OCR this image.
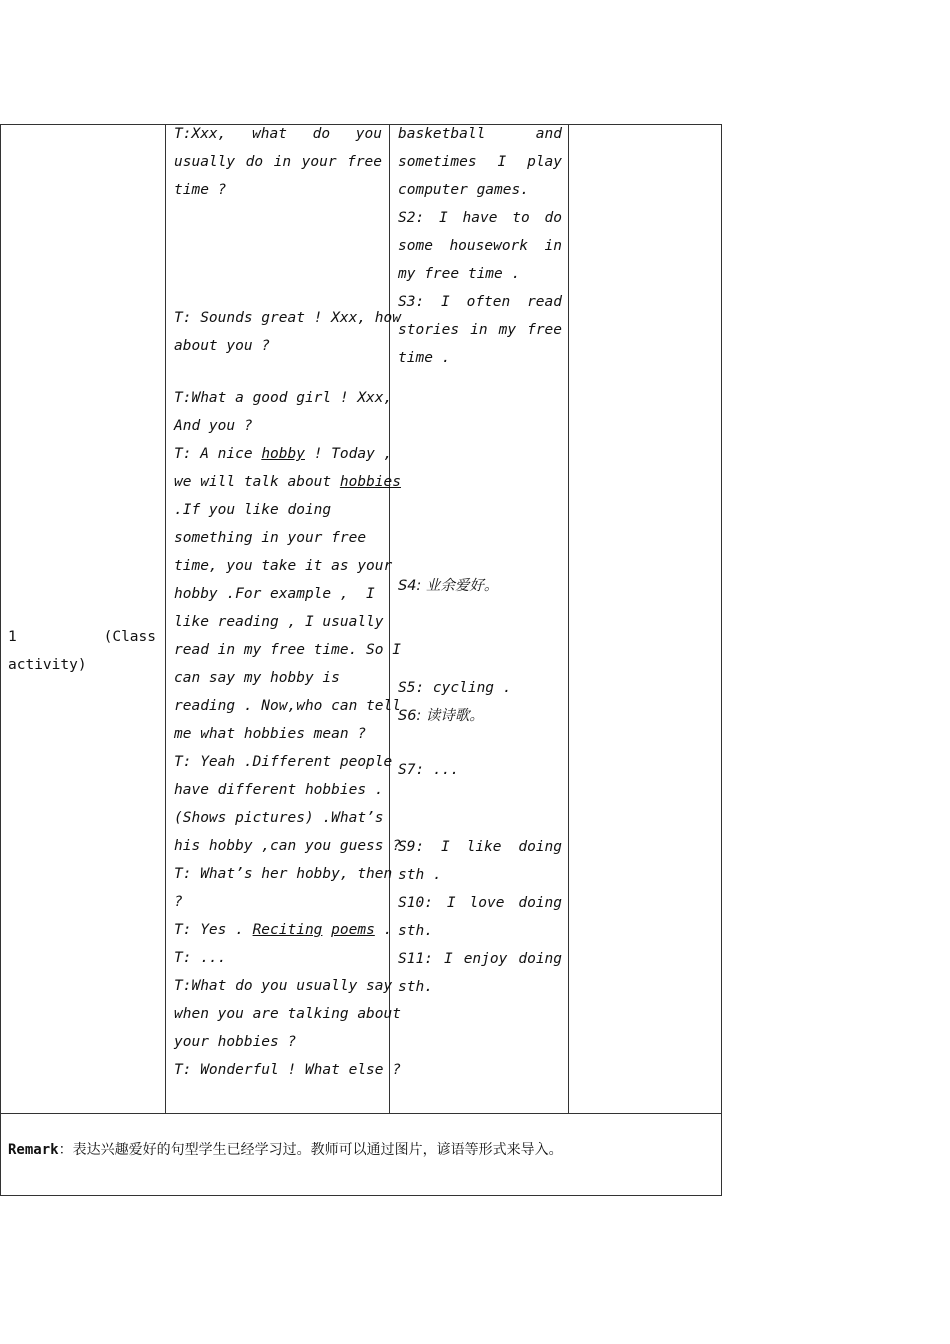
1	(Class
activity)
T:Xxx, what do you
usually do in your free
time ?
T: Sounds great ! Xxx, how
about you ?
T:What a good girl ! Xxx,
And you ?
T: A nice hobby ! Today ,
we will talk about hobbies
.If you like doing
something in your free
time, you take it as your
hobby .For example ,  I
like reading , I usually
read in my free time. So I
can say my hobby is
reading . Now,who can tell
me what hobbies mean ?
T: Yeah .Different people
have different hobbies .
(Shows pictures) .What’s
his hobby ,can you guess ?
T: What’s her hobby, then
?
T: Yes . Reciting poems .
T: ...
T:What do you usually say
when you are talking about
your hobbies ?
T: Wonderful ! What else ?
basketball	and
sometimes I play
computer games.
S2: I have to do
some housework in
my free time .
S3: I often read
stories in my free
time .
S4: 业余爱好。
S5: cycling .
S6: 读诗歌。
S7: ...
S9: I like doing
sth .
S10: I love doing
sth.
S11: I enjoy doing
sth.
Remark：表达兴趣爱好的句型学生已经学习过。教师可以通过图片，谚语等形式来导入。
